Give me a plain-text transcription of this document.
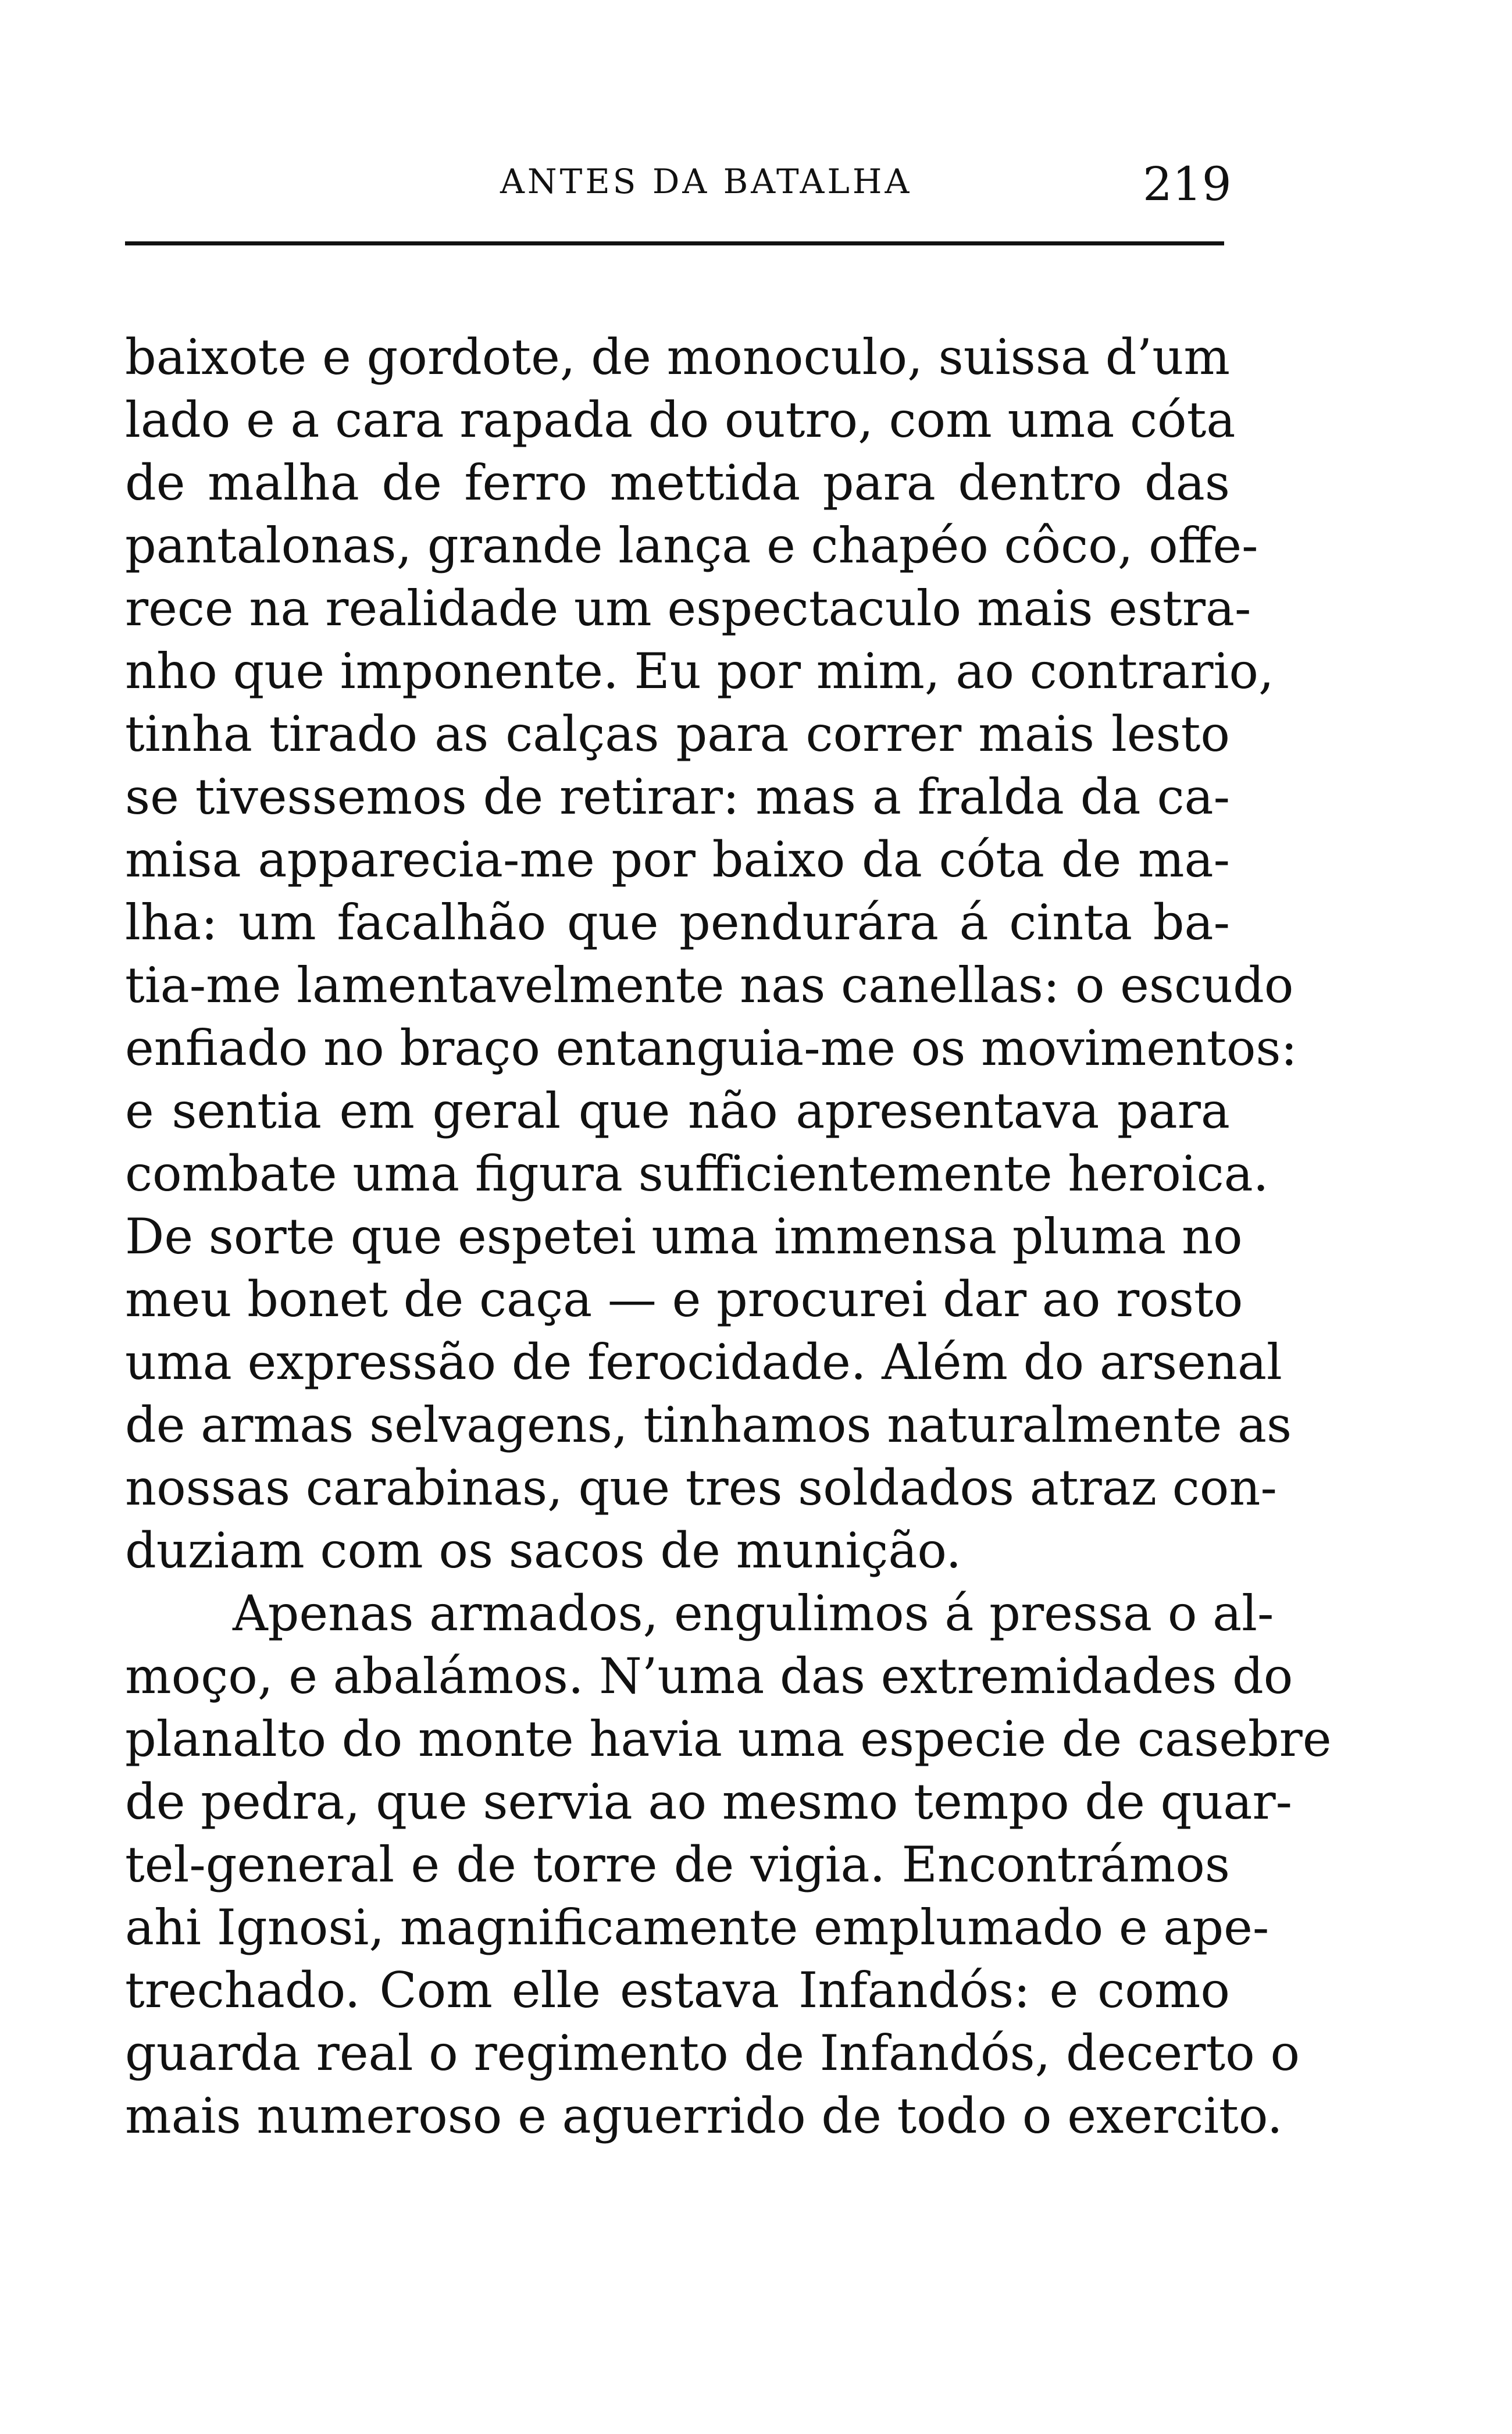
ANTES DA BATALHA	219
baixote e gordote, de monoculo, suissa d’um
lado e a cara rapada do outro, com uma cóta
de malha de ferro mettida para dentro das
pantalonas, grande lança e chapéo côco, offe-
rece na realidade um espectaculo mais estra-
nho que imponente. Eu por mim, ao contrario,
tinha tirado as calças para correr mais lesto
se tivessemos de retirar: mas a fralda da ca-
misa apparecia-me por baixo da cóta de ma-
lha: um facalhão que pendurára á cinta ba-
tia-me lamentavelmente nas canellas: o escudo
enfiado no braço entanguia-me os movimentos:
e sentia em geral que não apresentava para
combate uma figura sufficientemente heroica.
De sorte que espetei uma immensa pluma no
meu bonet de caça — e procurei dar ao rosto
uma expressão de ferocidade. Além do arsenal
de armas selvagens, tinhamos naturalmente as
nossas carabinas, que tres soldados atraz con-
duziam com os sacos de munição.
Apenas armados, engulimos á pressa o al-
moço, e abalámos. N’uma das extremidades do
planalto do monte havia uma especie de casebre
de pedra, que servia ao mesmo tempo de quar-
tel-general e de torre de vigia. Encontrámos
ahi Ignosi, magnificamente emplumado e ape-
trechado. Com elle estava Infandós: e como
guarda real o regimento de Infandós, decerto o
mais numeroso e aguerrido de todo o exercito.
